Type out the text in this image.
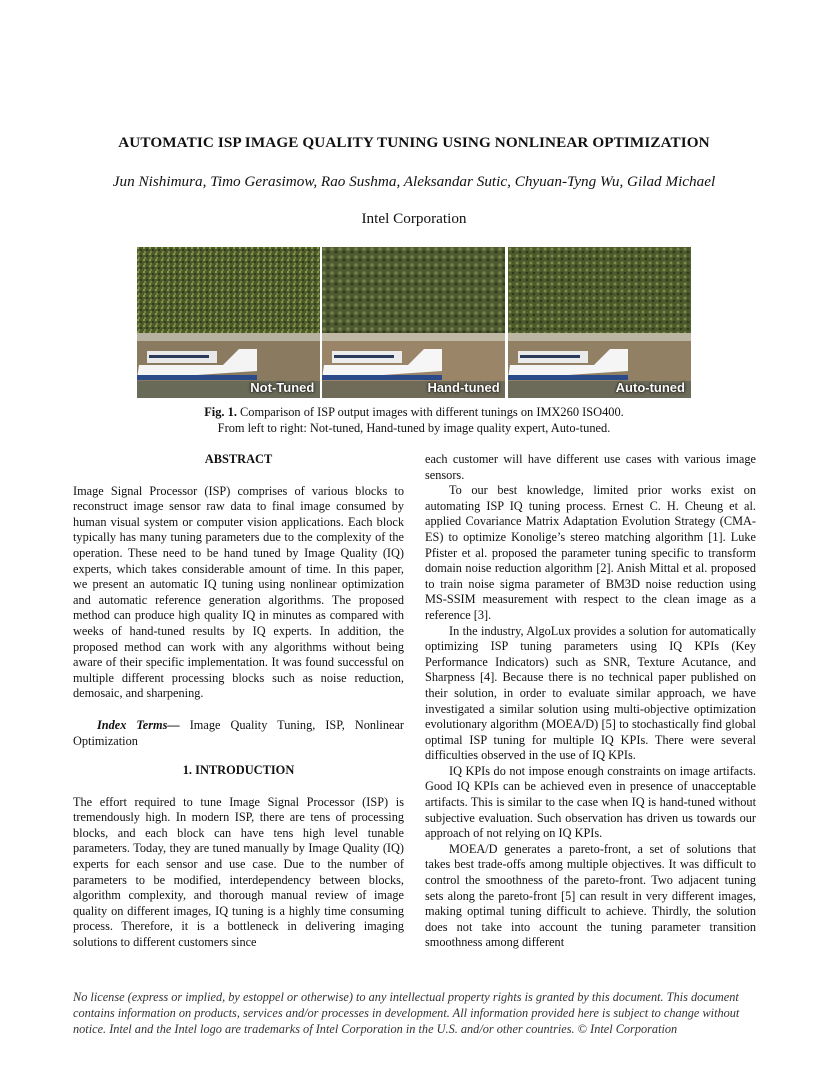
AUTOMATIC ISP IMAGE QUALITY TUNING USING NONLINEAR OPTIMIZATION
Jun Nishimura, Timo Gerasimow, Rao Sushma, Aleksandar Sutic, Chyuan-Tyng Wu, Gilad Michael
Intel Corporation
Not-Tuned	Hand-tuned	Auto-tuned
Fig. 1. Comparison of ISP output images with different tunings on IMX260 ISO400.
From left to right: Not-tuned, Hand-tuned by image quality expert, Auto-tuned.

ABSTRACT

Image Signal Processor (ISP) comprises of various blocks to reconstruct image sensor raw data to final image consumed by human visual system or computer vision applications. Each block typically has many tuning parameters due to the complexity of the operation. These need to be hand tuned by Image Quality (IQ) experts, which takes considerable amount of time. In this paper, we present an automatic IQ tuning using nonlinear optimization and automatic reference generation algorithms. The proposed method can produce high quality IQ in minutes as compared with weeks of hand-tuned results by IQ experts. In addition, the proposed method can work with any algorithms without being aware of their specific implementation. It was found successful on multiple different processing blocks such as noise reduction, demosaic, and sharpening.

Index Terms— Image Quality Tuning, ISP, Nonlinear Optimization

1. INTRODUCTION

The effort required to tune Image Signal Processor (ISP) is tremendously high. In modern ISP, there are tens of processing blocks, and each block can have tens high level tunable parameters. Today, they are tuned manually by Image Quality (IQ) experts for each sensor and use case. Due to the number of parameters to be modified, interdependency between blocks, algorithm complexity, and thorough manual review of image quality on different images, IQ tuning is a highly time consuming process. Therefore, it is a bottleneck in delivering imaging solutions to different customers since

each customer will have different use cases with various image sensors.

To our best knowledge, limited prior works exist on automating ISP IQ tuning process. Ernest C. H. Cheung et al. applied Covariance Matrix Adaptation Evolution Strategy (CMA-ES) to optimize Konolige’s stereo matching algorithm [1]. Luke Pfister et al. proposed the parameter tuning specific to transform domain noise reduction algorithm [2]. Anish Mittal et al. proposed to train noise sigma parameter of BM3D noise reduction using MS-SSIM measurement with respect to the clean image as a reference [3].

In the industry, AlgoLux provides a solution for automatically optimizing ISP tuning parameters using IQ KPIs (Key Performance Indicators) such as SNR, Texture Acutance, and Sharpness [4]. Because there is no technical paper published on their solution, in order to evaluate similar approach, we have investigated a similar solution using multi-objective optimization evolutionary algorithm (MOEA/D) [5] to stochastically find global optimal ISP tuning for multiple IQ KPIs. There were several difficulties observed in the use of IQ KPIs.

IQ KPIs do not impose enough constraints on image artifacts. Good IQ KPIs can be achieved even in presence of unacceptable artifacts. This is similar to the case when IQ is hand-tuned without subjective evaluation. Such observation has driven us towards our approach of not relying on IQ KPIs.

MOEA/D generates a pareto-front, a set of solutions that takes best trade-offs among multiple objectives. It was difficult to control the smoothness of the pareto-front. Two adjacent tuning sets along the pareto-front [5] can result in very different images, making optimal tuning difficult to achieve. Thirdly, the solution does not take into account the tuning parameter transition smoothness among different

No license (express or implied, by estoppel or otherwise) to any intellectual property rights is granted by this document. This document contains information on products, services and/or processes in development. All information provided here is subject to change without notice. Intel and the Intel logo are trademarks of Intel Corporation in the U.S. and/or other countries. © Intel Corporation
